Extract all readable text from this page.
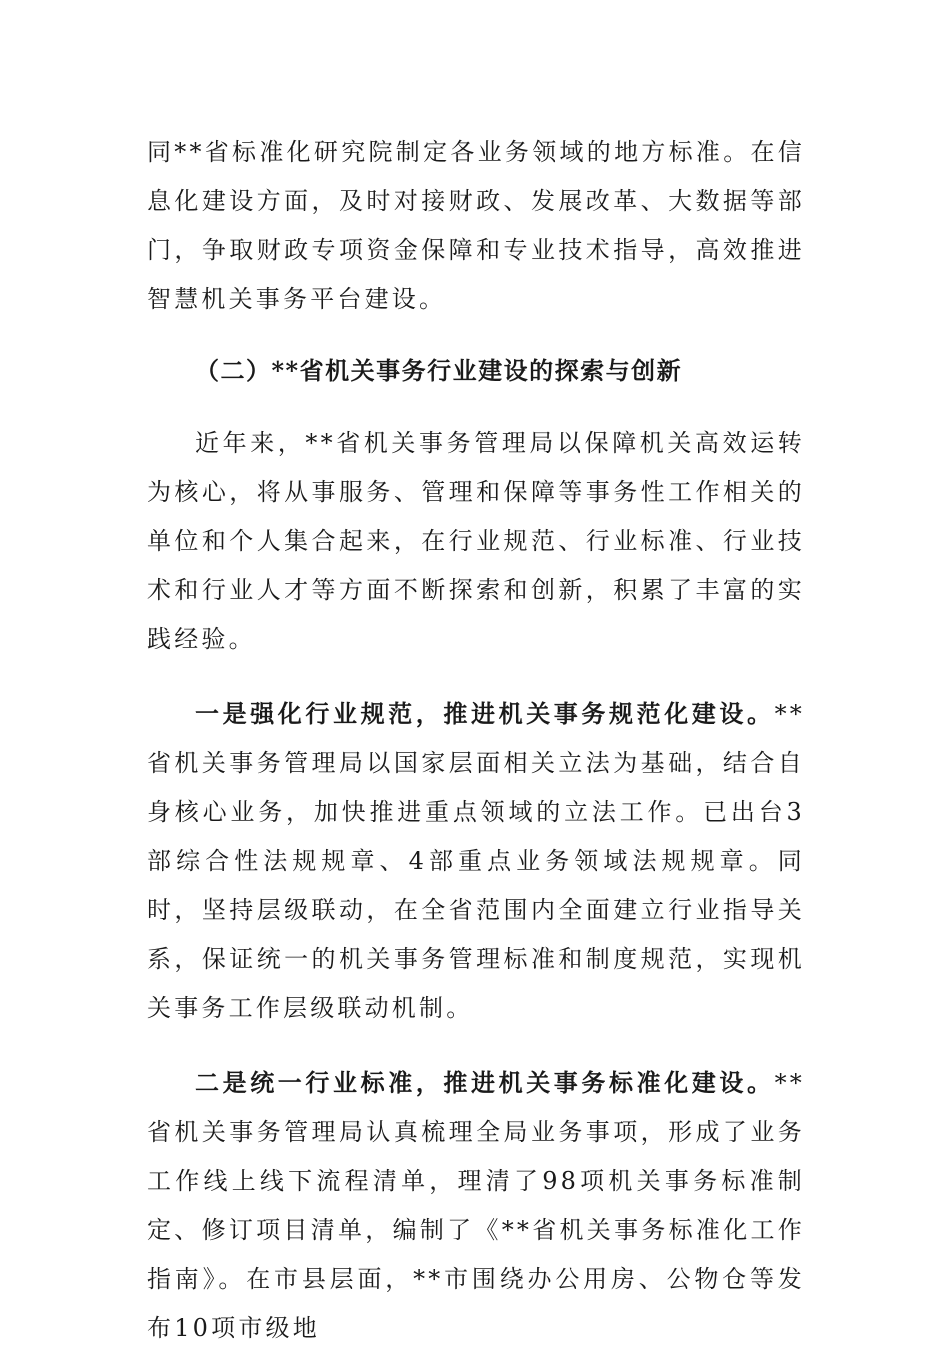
同**省标准化研究院制定各业务领域的地方标准。在信息化建设方面，及时对接财政、发展改革、大数据等部门，争取财政专项资金保障和专业技术指导，高效推进智慧机关事务平台建设。

（二）**省机关事务行业建设的探索与创新

近年来，**省机关事务管理局以保障机关高效运转为核心，将从事服务、管理和保障等事务性工作相关的单位和个人集合起来，在行业规范、行业标准、行业技术和行业人才等方面不断探索和创新，积累了丰富的实践经验。

一是强化行业规范，推进机关事务规范化建设。**省机关事务管理局以国家层面相关立法为基础，结合自身核心业务，加快推进重点领域的立法工作。已出台3部综合性法规规章、4部重点业务领域法规规章。同时，坚持层级联动，在全省范围内全面建立行业指导关系，保证统一的机关事务管理标准和制度规范，实现机关事务工作层级联动机制。

二是统一行业标准，推进机关事务标准化建设。**省机关事务管理局认真梳理全局业务事项，形成了业务工作线上线下流程清单，理清了98项机关事务标准制定、修订项目清单，编制了《**省机关事务标准化工作指南》。在市县层面，**市围绕办公用房、公物仓等发布10项市级地
